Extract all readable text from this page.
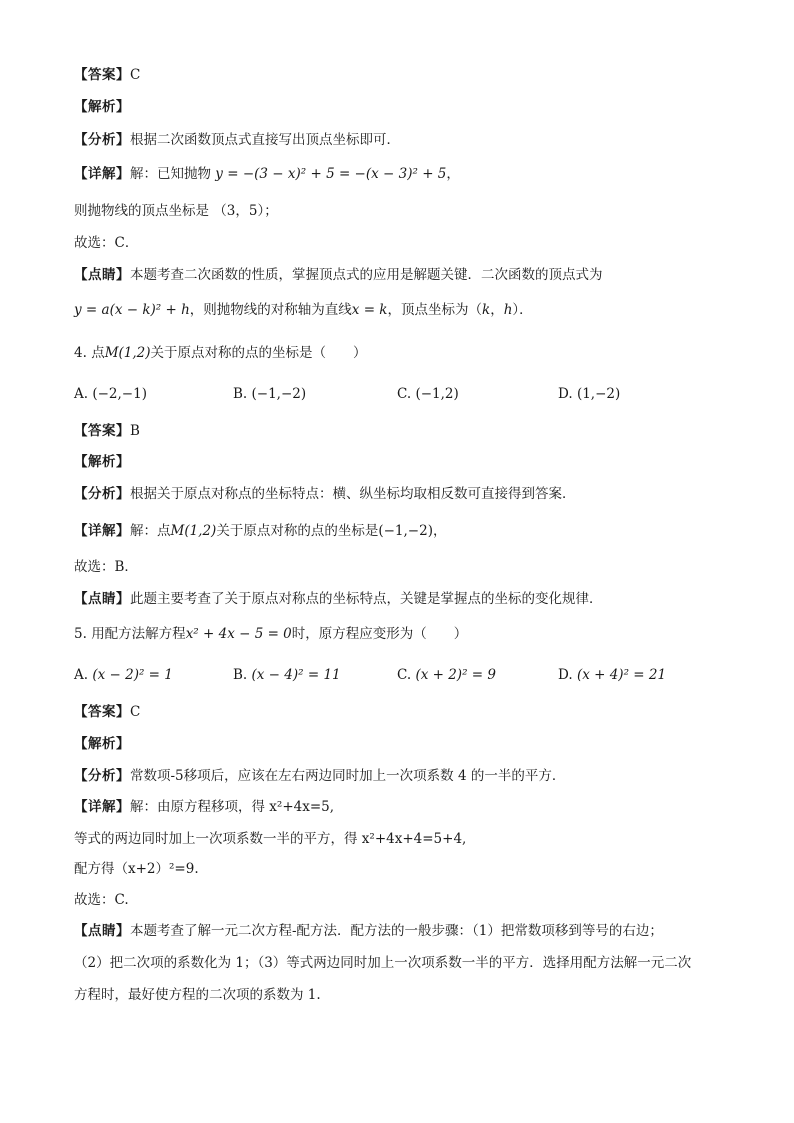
【答案】C
【解析】
【分析】根据二次函数顶点式直接写出顶点坐标即可．
【详解】解：已知抛物 y = −(3 − x)² + 5 = −(x − 3)² + 5，
则抛物线的顶点坐标是 （3，5）；
故选：C．
【点睛】本题考查二次函数的性质，掌握顶点式的应用是解题关键．二次函数的顶点式为
y = a(x − k)² + h，则抛物线的对称轴为直线x = k，顶点坐标为（k，h）．
4. 点M(1,2)关于原点对称的点的坐标是（　　）
A. (−2,−1)	B. (−1,−2)	C. (−1,2)	D. (1,−2)
【答案】B
【解析】
【分析】根据关于原点对称点的坐标特点：横、纵坐标均取相反数可直接得到答案．
【详解】解：点M(1,2)关于原点对称的点的坐标是(−1,−2)，
故选：B．
【点睛】此题主要考查了关于原点对称点的坐标特点，关键是掌握点的坐标的变化规律．
5. 用配方法解方程x² + 4x − 5 = 0时，原方程应变形为（　　）
A. (x − 2)² = 1	B. (x − 4)² = 11	C. (x + 2)² = 9	D. (x + 4)² = 21
【答案】C
【解析】
【分析】常数项-5移项后，应该在左右两边同时加上一次项系数 4 的一半的平方．
【详解】解：由原方程移项，得 x²+4x=5,
等式的两边同时加上一次项系数一半的平方，得 x²+4x+4=5+4,
配方得（x+2）²=9.
故选：C.
【点睛】本题考查了解一元二次方程-配方法．配方法的一般步骤：（1）把常数项移到等号的右边；
（2）把二次项的系数化为 1；（3）等式两边同时加上一次项系数一半的平方．选择用配方法解一元二次
方程时，最好使方程的二次项的系数为 1.
